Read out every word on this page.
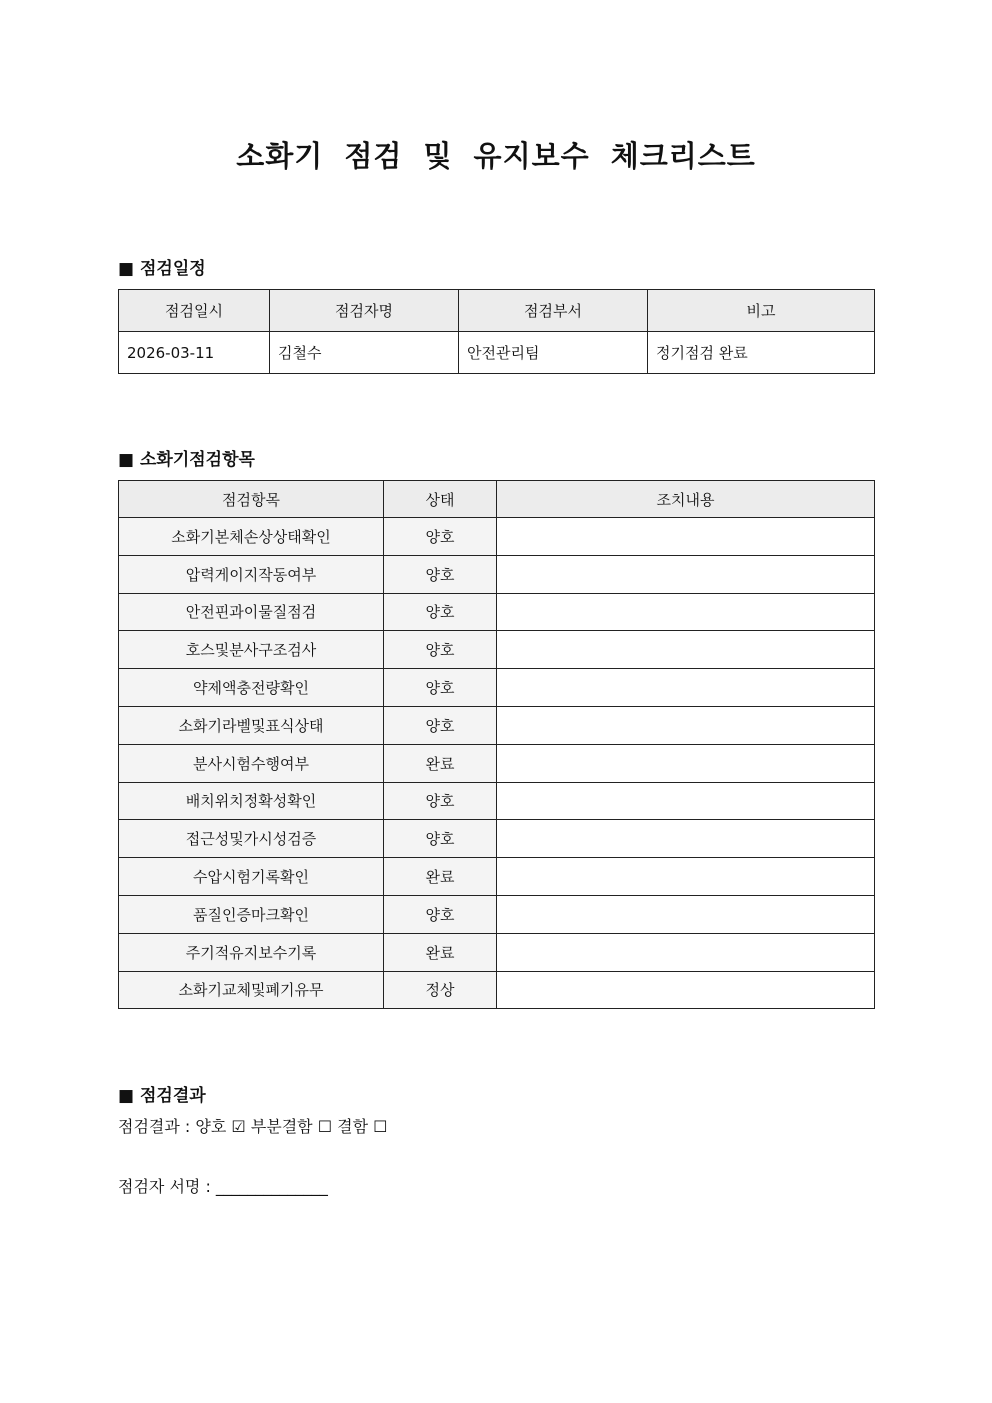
소화기 점검 및 유지보수 체크리스트

■ 점검일정

점검일시	점검자명	점검부서	비고
2026-03-11	김철수	안전관리팀	정기점검 완료

■ 소화기점검항목

점검항목	상태	조치내용
소화기본체손상상태확인	양호	
압력게이지작동여부	양호	
안전핀과이물질점검	양호	
호스및분사구조검사	양호	
약제액충전량확인	양호	
소화기라벨및표식상태	양호	
분사시험수행여부	완료	
배치위치정확성확인	양호	
접근성및가시성검증	양호	
수압시험기록확인	완료	
품질인증마크확인	양호	
주기적유지보수기록	완료	
소화기교체및폐기유무	정상	

■ 점검결과

점검결과 : 양호 ☑ 부분결함 ☐ 결함 ☐

점검자 서명 : ______________
